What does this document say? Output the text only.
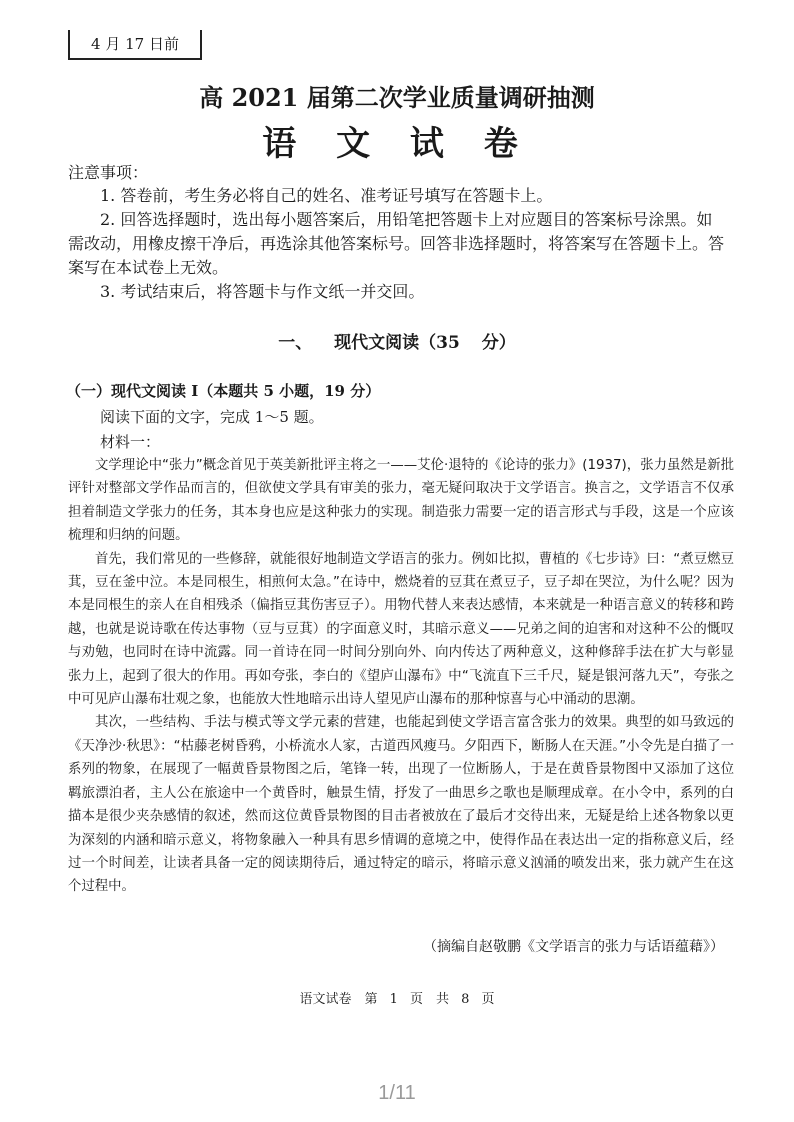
4 月 17 日前
高 2021 届第二次学业质量调研抽测
语 文 试 卷
注意事项：

1. 答卷前，考生务必将自己的姓名、准考证号填写在答题卡上。

2. 回答选择题时，选出每小题答案后，用铅笔把答题卡上对应题目的答案标号涂黑。如需改动，用橡皮擦干净后，再选涂其他答案标号。回答非选择题时，将答案写在答题卡上。答案写在本试卷上无效。

3. 考试结束后，将答题卡与作文纸一并交回。

一、 现代文阅读（35 分）
（一）现代文阅读 Ⅰ（本题共 5 小题，19 分）
阅读下面的文字，完成 1～5 题。
材料一：

文学理论中“张力”概念首见于英美新批评主将之一——艾伦·退特的《论诗的张力》(1937)，张力虽然是新批评针对整部文学作品而言的，但欲使文学具有审美的张力，毫无疑问取决于文学语言。换言之，文学语言不仅承担着制造文学张力的任务，其本身也应是这种张力的实现。制造张力需要一定的语言形式与手段，这是一个应该梳理和归纳的问题。

首先，我们常见的一些修辞，就能很好地制造文学语言的张力。例如比拟，曹植的《七步诗》曰：“煮豆燃豆萁，豆在釜中泣。本是同根生，相煎何太急。”在诗中，燃烧着的豆萁在煮豆子，豆子却在哭泣，为什么呢？因为本是同根生的亲人在自相残杀（偏指豆萁伤害豆子）。用物代替人来表达感情，本来就是一种语言意义的转移和跨越，也就是说诗歌在传达事物（豆与豆萁）的字面意义时，其暗示意义——兄弟之间的迫害和对这种不公的慨叹与劝勉，也同时在诗中流露。同一首诗在同一时间分别向外、向内传达了两种意义，这种修辞手法在扩大与彰显张力上，起到了很大的作用。再如夸张，李白的《望庐山瀑布》中“飞流直下三千尺，疑是银河落九天”，夸张之中可见庐山瀑布壮观之象，也能放大性地暗示出诗人望见庐山瀑布的那种惊喜与心中涌动的思潮。

其次，一些结构、手法与模式等文学元素的营建，也能起到使文学语言富含张力的效果。典型的如马致远的《天净沙·秋思》：“枯藤老树昏鸦，小桥流水人家，古道西风瘦马。夕阳西下，断肠人在天涯。”小令先是白描了一系列的物象，在展现了一幅黄昏景物图之后，笔锋一转，出现了一位断肠人，于是在黄昏景物图中又添加了这位羁旅漂泊者，主人公在旅途中一个黄昏时，触景生情，抒发了一曲思乡之歌也是顺理成章。在小令中，系列的白描本是很少夹杂感情的叙述，然而这位黄昏景物图的目击者被放在了最后才交待出来，无疑是给上述各物象以更为深刻的内涵和暗示意义，将物象融入一种具有思乡情调的意境之中，使得作品在表达出一定的指称意义后，经过一个时间差，让读者具备一定的阅读期待后，通过特定的暗示，将暗示意义汹涌的喷发出来，张力就产生在这个过程中。

（摘编自赵敬鹏《文学语言的张力与话语蕴藉》）
语文试卷　第 1 页　共 8 页
1/11
